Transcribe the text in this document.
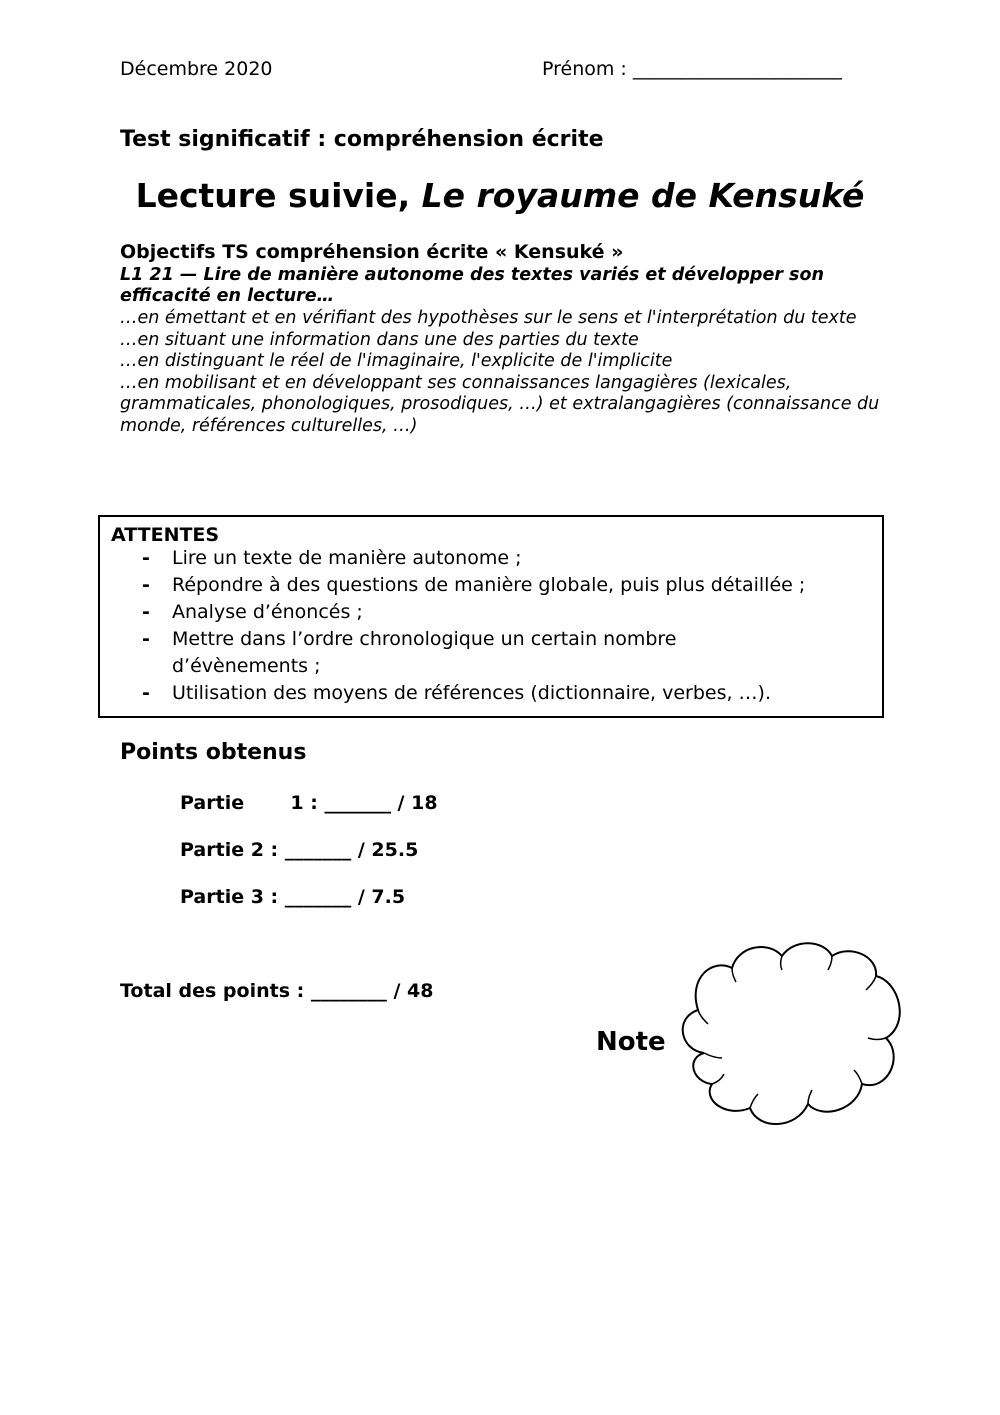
Décembre 2020	Prénom : ______________________
Test significatif : compréhension écrite
Lecture suivie, Le royaume de Kensuké
Objectifs TS compréhension écrite « Kensuké »
L1 21 — Lire de manière autonome des textes variés et développer son efficacité en lecture…
…en émettant et en vérifiant des hypothèses sur le sens et l'interprétation du texte
…en situant une information dans une des parties du texte
…en distinguant le réel de l'imaginaire, l'explicite de l'implicite
…en mobilisant et en développant ses connaissances langagières (lexicales, grammaticales, phonologiques, prosodiques, …) et extralangagières (connaissance du monde, références culturelles, …)
ATTENTES
- Lire un texte de manière autonome ;
- Répondre à des questions de manière globale, puis plus détaillée ;
- Analyse d’énoncés ;
- Mettre dans l’ordre chronologique un certain nombre d’évènements ;
- Utilisation des moyens de références (dictionnaire, verbes, …).
Points obtenus
Partie       1 : _______ / 18
Partie 2 : _______ / 25.5
Partie 3 : _______ / 7.5
Total des points : ________ / 48
Note
